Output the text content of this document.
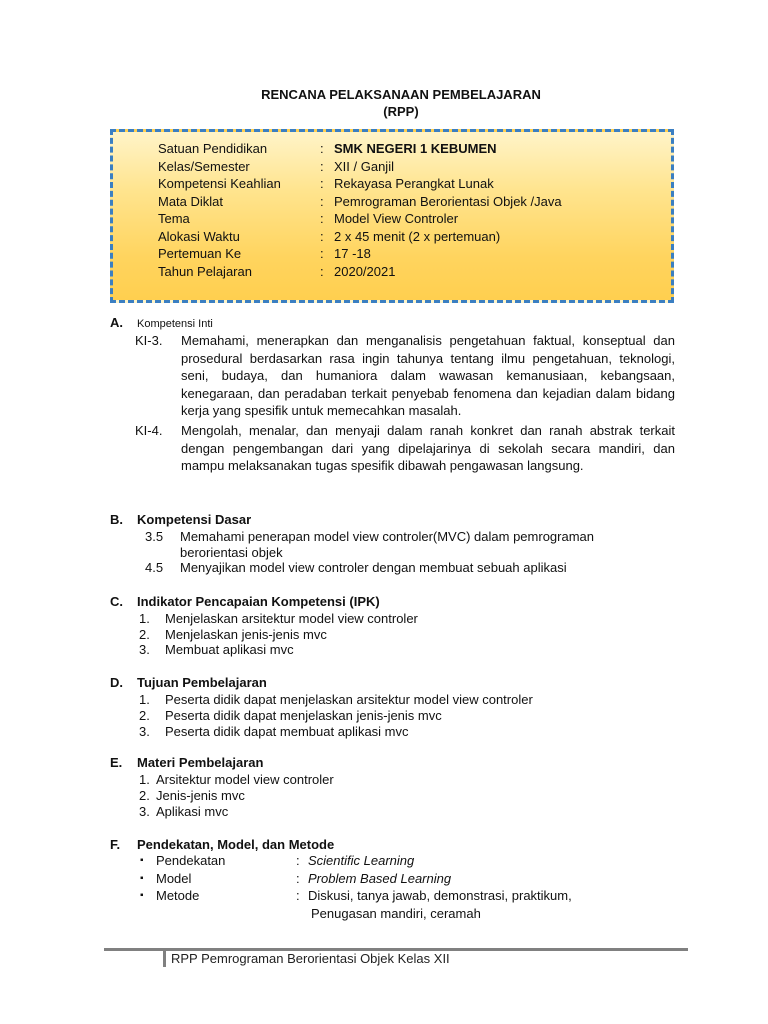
RENCANA PELAKSANAAN PEMBELAJARAN
(RPP)
Satuan Pendidikan	: SMK NEGERI 1 KEBUMEN
Kelas/Semester	: XII / Ganjil
Kompetensi Keahlian	: Rekayasa Perangkat Lunak
Mata Diklat	: Pemrograman Berorientasi Objek /Java
Tema	: Model View Controler
Alokasi Waktu	: 2 x 45 menit (2 x pertemuan)
Pertemuan Ke	: 17 -18
Tahun Pelajaran	: 2020/2021
A. Kompetensi Inti
KI-3. Memahami, menerapkan dan menganalisis pengetahuan faktual, konseptual dan prosedural berdasarkan rasa ingin tahunya tentang ilmu pengetahuan, teknologi, seni, budaya, dan humaniora dalam wawasan kemanusiaan, kebangsaan, kenegaraan, dan peradaban terkait penyebab fenomena dan kejadian dalam bidang kerja yang spesifik untuk memecahkan masalah.
KI-4. Mengolah, menalar, dan menyaji dalam ranah konkret dan ranah abstrak terkait dengan pengembangan dari yang dipelajarinya di sekolah secara mandiri, dan mampu melaksanakan tugas spesifik dibawah pengawasan langsung.
B. Kompetensi Dasar
3.5 Memahami penerapan model view controler(MVC) dalam pemrograman berorientasi objek
4.5 Menyajikan model view controler dengan membuat sebuah aplikasi
C. Indikator Pencapaian Kompetensi (IPK)
1. Menjelaskan arsitektur model view controler
2. Menjelaskan jenis-jenis mvc
3. Membuat aplikasi mvc
D. Tujuan Pembelajaran
1. Peserta didik dapat menjelaskan arsitektur model view controler
2. Peserta didik dapat menjelaskan jenis-jenis mvc
3. Peserta didik dapat membuat aplikasi mvc
E. Materi Pembelajaran
1. Arsitektur model view controler
2. Jenis-jenis mvc
3. Aplikasi mvc
F. Pendekatan, Model, dan Metode
▪ Pendekatan	: Scientific Learning
▪ Model	: Problem Based Learning
▪ Metode	: Diskusi, tanya jawab, demonstrasi, praktikum,
Penugasan mandiri, ceramah
RPP Pemrograman Berorientasi Objek Kelas XII
